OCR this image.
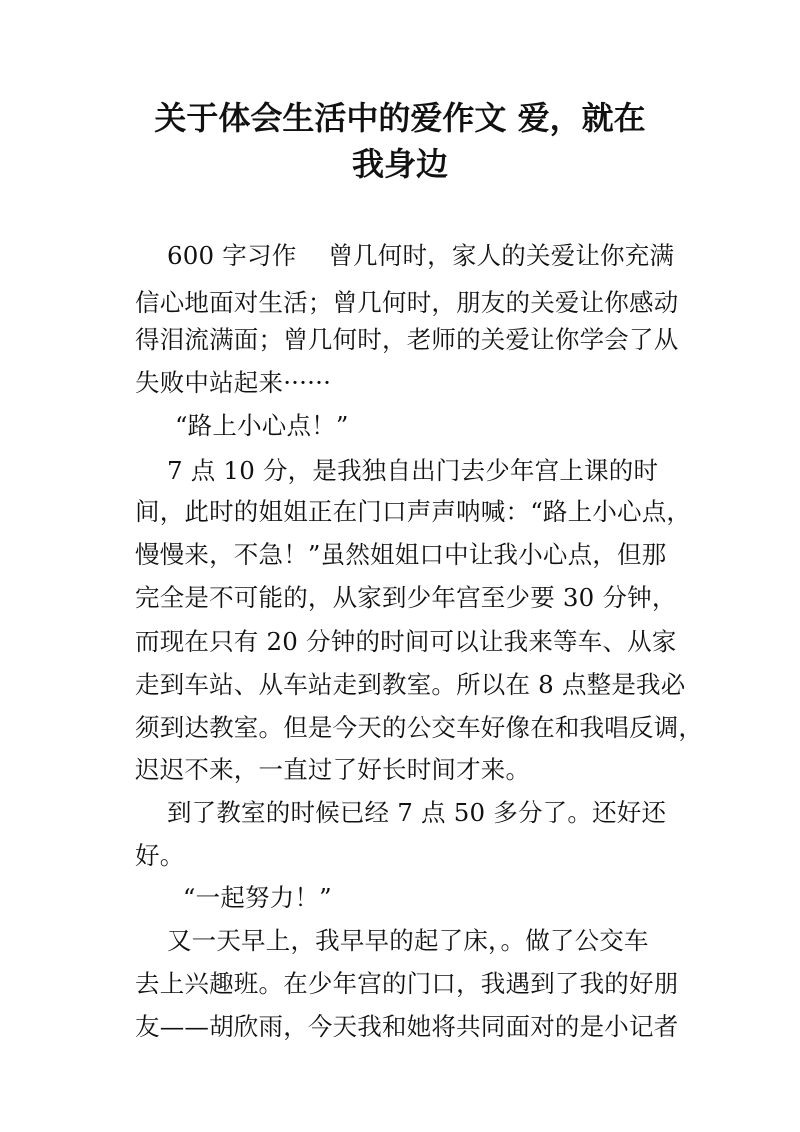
关于体会生活中的爱作文 爱，就在
我身边

600 字习作    曾几何时，家人的关爱让你充满

信心地面对生活；曾几何时，朋友的关爱让你感动

得泪流满面；曾几何时，老师的关爱让你学会了从

失败中站起来······

“路上小心点！”

7 点 10 分，是我独自出门去少年宫上课的时

间，此时的姐姐正在门口声声呐喊：“路上小心点，

慢慢来，不急！”虽然姐姐口中让我小心点，但那

完全是不可能的，从家到少年宫至少要 30 分钟，

而现在只有 20 分钟的时间可以让我来等车、从家

走到车站、从车站走到教室。所以在 8 点整是我必

须到达教室。但是今天的公交车好像在和我唱反调，

迟迟不来，一直过了好长时间才来。

到了教室的时候已经 7 点 50 多分了。还好还

好。

“一起努力！”

又一天早上，我早早的起了床，。做了公交车

去上兴趣班。在少年宫的门口，我遇到了我的好朋

友——胡欣雨，今天我和她将共同面对的是小记者
